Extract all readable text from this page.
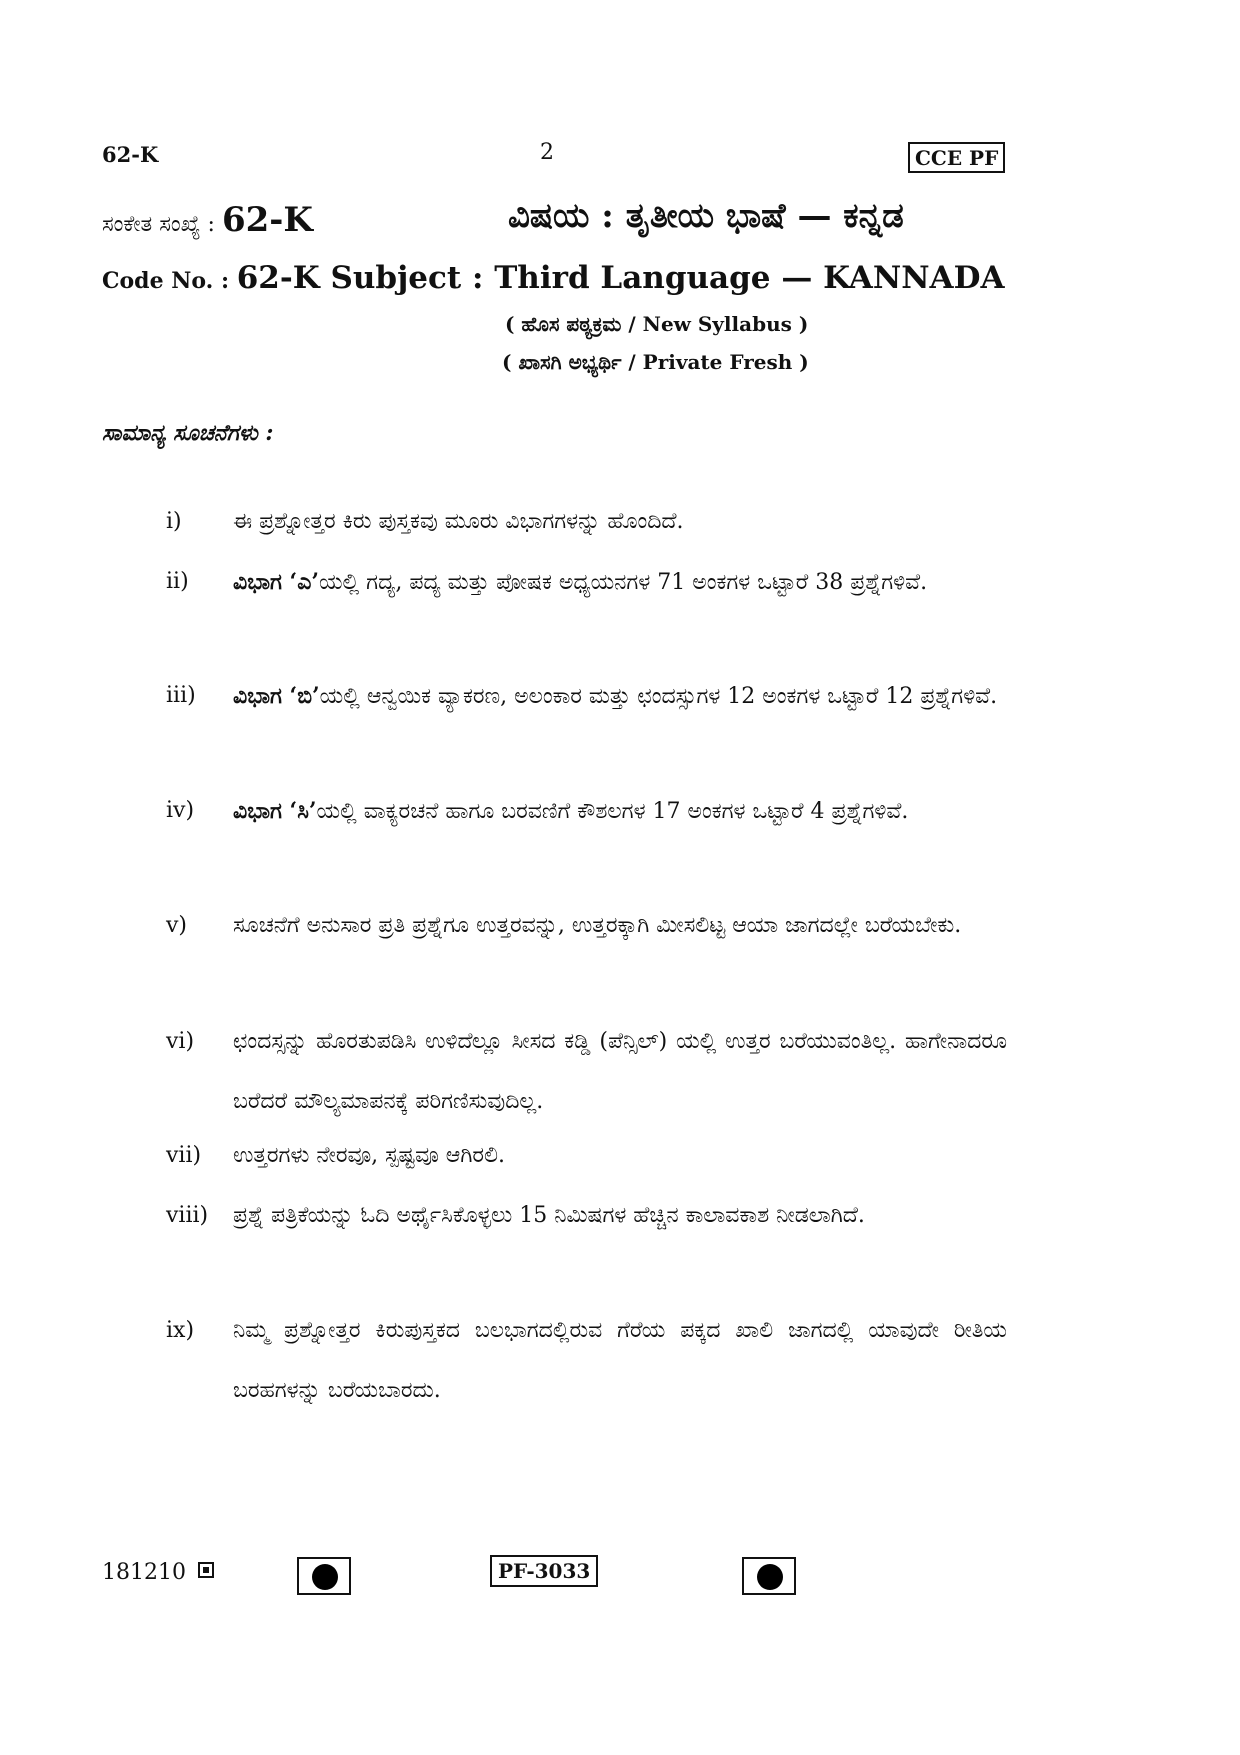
62-K	2	CCE PF
ಸಂಕೇತ ಸಂಖ್ಯೆ : 62-K	ವಿಷಯ : ತೃತೀಯ ಭಾಷೆ — ಕನ್ನಡ
Code No. : 62-K Subject : Third Language — KANNADA
( ಹೊಸ ಪಠ್ಯಕ್ರಮ / New Syllabus )
( ಖಾಸಗಿ ಅಭ್ಯರ್ಥಿ / Private Fresh )
ಸಾಮಾನ್ಯ ಸೂಚನೆಗಳು :
i) ಈ ಪ್ರಶ್ನೋತ್ತರ ಕಿರು ಪುಸ್ತಕವು ಮೂರು ವಿಭಾಗಗಳನ್ನು ಹೊಂದಿದೆ.
ii) ವಿಭಾಗ ‘ಎ’ಯಲ್ಲಿ ಗದ್ಯ, ಪದ್ಯ ಮತ್ತು ಪೋಷಕ ಅಧ್ಯಯನಗಳ 71 ಅಂಕಗಳ ಒಟ್ಟಾರೆ 38 ಪ್ರಶ್ನೆಗಳಿವೆ.
iii) ವಿಭಾಗ ‘ಬಿ’ಯಲ್ಲಿ ಆನ್ವಯಿಕ ವ್ಯಾಕರಣ, ಅಲಂಕಾರ ಮತ್ತು ಛಂದಸ್ಸುಗಳ 12 ಅಂಕಗಳ ಒಟ್ಟಾರೆ 12 ಪ್ರಶ್ನೆಗಳಿವೆ.
iv) ವಿಭಾಗ ‘ಸಿ’ಯಲ್ಲಿ ವಾಕ್ಯರಚನೆ ಹಾಗೂ ಬರವಣಿಗೆ ಕೌಶಲಗಳ 17 ಅಂಕಗಳ ಒಟ್ಟಾರೆ 4 ಪ್ರಶ್ನೆಗಳಿವೆ.
v) ಸೂಚನೆಗೆ ಅನುಸಾರ ಪ್ರತಿ ಪ್ರಶ್ನೆಗೂ ಉತ್ತರವನ್ನು, ಉತ್ತರಕ್ಕಾಗಿ ಮೀಸಲಿಟ್ಟ ಆಯಾ ಜಾಗದಲ್ಲೇ ಬರೆಯಬೇಕು.
vi) ಛಂದಸ್ಸನ್ನು ಹೊರತುಪಡಿಸಿ ಉಳಿದೆಲ್ಲೂ ಸೀಸದ ಕಡ್ಡಿ (ಪೆನ್ಸಿಲ್) ಯಲ್ಲಿ ಉತ್ತರ ಬರೆಯುವಂತಿಲ್ಲ. ಹಾಗೇನಾದರೂ ಬರೆದರೆ ಮೌಲ್ಯಮಾಪನಕ್ಕೆ ಪರಿಗಣಿಸುವುದಿಲ್ಲ.
vii) ಉತ್ತರಗಳು ನೇರವೂ, ಸ್ಪಷ್ಟವೂ ಆಗಿರಲಿ.
viii) ಪ್ರಶ್ನೆ ಪತ್ರಿಕೆಯನ್ನು ಓದಿ ಅರ್ಥೈಸಿಕೊಳ್ಳಲು 15 ನಿಮಿಷಗಳ ಹೆಚ್ಚಿನ ಕಾಲಾವಕಾಶ ನೀಡಲಾಗಿದೆ.
ix) ನಿಮ್ಮ ಪ್ರಶ್ನೋತ್ತರ ಕಿರುಪುಸ್ತಕದ ಬಲಭಾಗದಲ್ಲಿರುವ ಗೆರೆಯ ಪಕ್ಕದ ಖಾಲಿ ಜಾಗದಲ್ಲಿ ಯಾವುದೇ ರೀತಿಯ ಬರಹಗಳನ್ನು ಬರೆಯಬಾರದು.
181210	PF-3033
